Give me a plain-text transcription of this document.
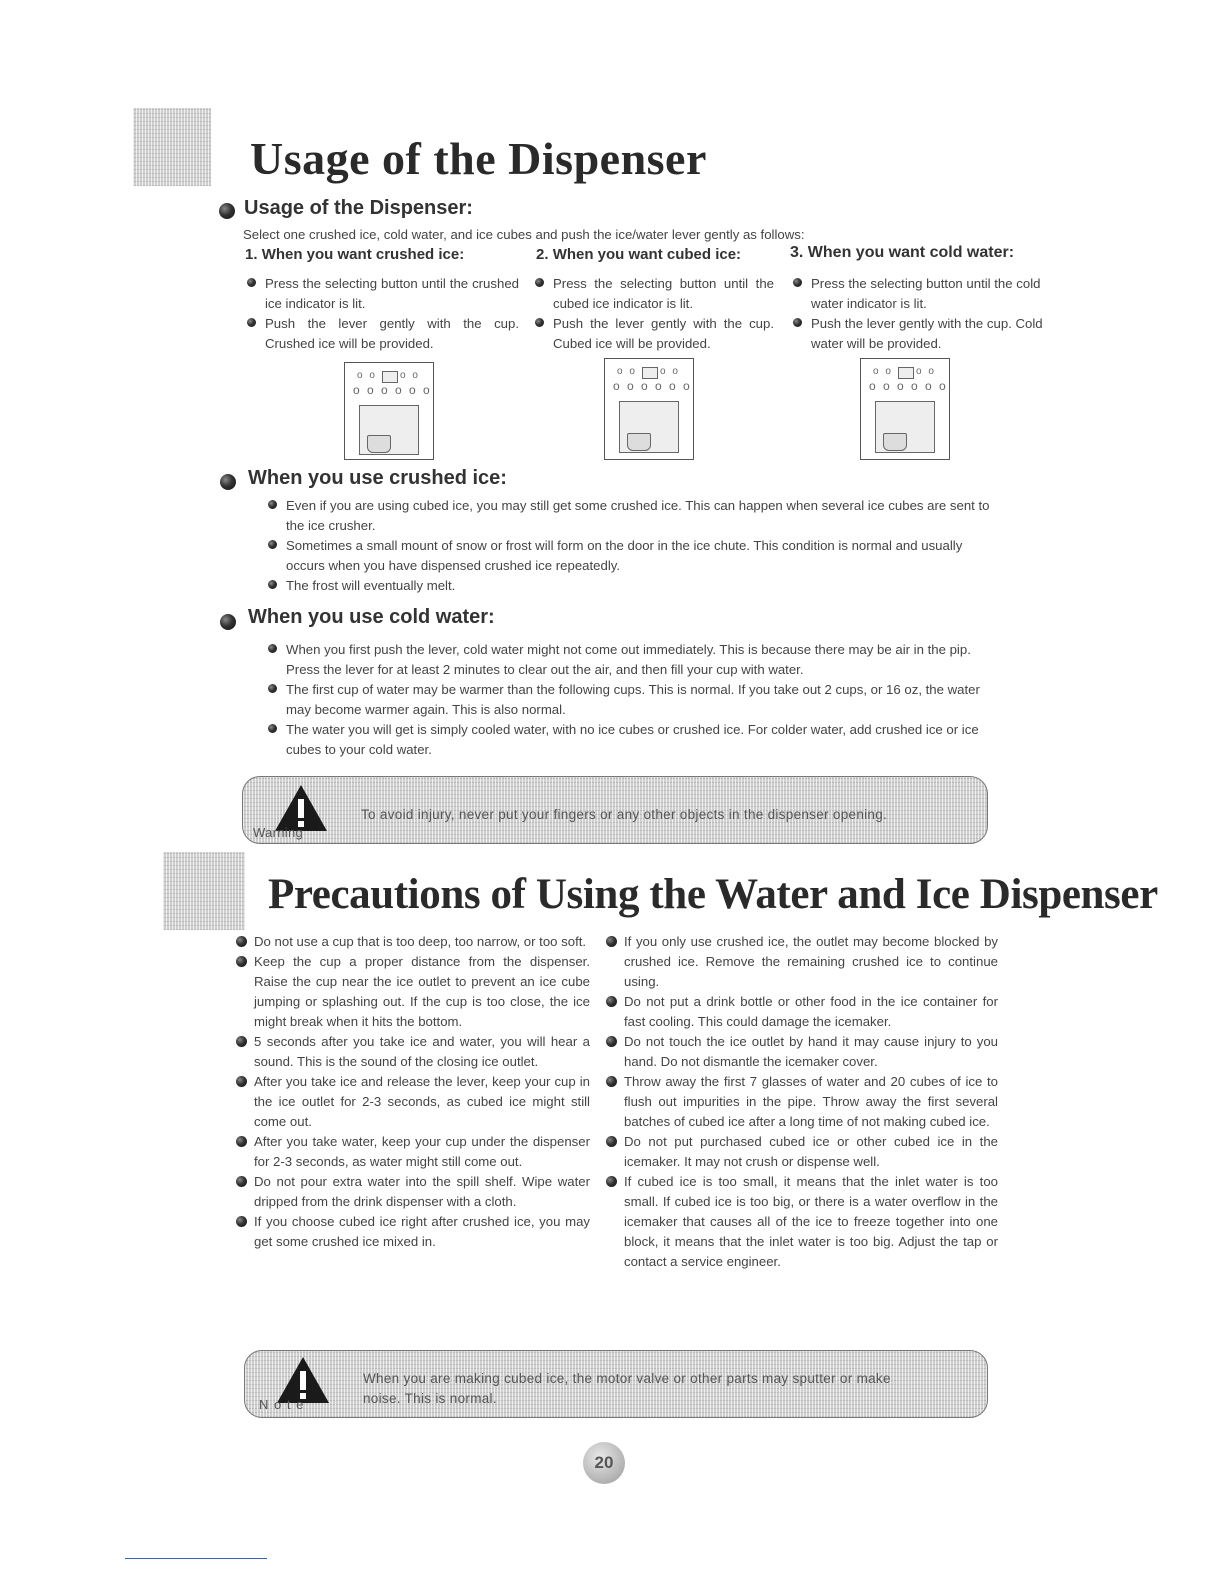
Usage of the Dispenser
Usage of the Dispenser:

Select one crushed ice, cold water, and ice cubes and push the ice/water lever gently as follows:

1. When you want crushed ice:	2. When you want cubed ice:	3. When you want cold water:
Press the selecting button until the crushed ice indicator is lit.
Push the lever gently with the cup. Crushed ice will be provided.
Press the selecting button until the cubed ice indicator is lit.
Push the lever gently with the cup. Cubed ice will be provided.
Press the selecting button until the cold water indicator is lit.
Push the lever gently with the cup. Cold water will be provided.
o o o o
o o o o o o
o o o o
o o o o o o
o o o o
o o o o o o
When you use crushed ice:
Even if you are using cubed ice, you may still get some crushed ice. This can happen when several ice cubes are sent to the ice crusher.
Sometimes a small mount of snow or frost will form on the door in the ice chute. This condition is normal and usually occurs when you have dispensed crushed ice repeatedly.
The frost will eventually melt.
When you use cold water:
When you first push the lever, cold water might not come out immediately. This is because there may be air in the pip. Press the lever for at least 2 minutes to clear out the air, and then fill your cup with water.
The first cup of water may be warmer than the following cups. This is normal. If you take out 2 cups, or 16 oz, the water may become warmer again. This is also normal.
The water you will get is simply cooled water, with no ice cubes or crushed ice. For colder water, add crushed ice or ice cubes to your cold water.
Warning
To avoid injury, never put your fingers or any other objects in the dispenser opening.
Precautions of Using the Water and Ice Dispenser
Do not use a cup that is too deep, too narrow, or too soft.
Keep the cup a proper distance from the dispenser. Raise the cup near the ice outlet to prevent an ice cube jumping or splashing out. If the cup is too close, the ice might break when it hits the bottom.
5 seconds after you take ice and water, you will hear a sound. This is the sound of the closing ice outlet.
After you take ice and release the lever, keep your cup in the ice outlet for 2-3 seconds, as cubed ice might still come out.
After you take water, keep your cup under the dispenser for 2-3 seconds, as water might still come out.
Do not pour extra water into the spill shelf. Wipe water dripped from the drink dispenser with a cloth.
If you choose cubed ice right after crushed ice, you may get some crushed ice mixed in.
If you only use crushed ice, the outlet may become blocked by crushed ice. Remove the remaining crushed ice to continue using.
Do not put a drink bottle or other food in the ice container for fast cooling. This could damage the icemaker.
Do not touch the ice outlet by hand it may cause injury to you hand. Do not dismantle the icemaker cover.
Throw away the first 7 glasses of water and 20 cubes of ice to flush out impurities in the pipe. Throw away the first several batches of cubed ice after a long time of not making cubed ice.
Do not put purchased cubed ice or other cubed ice in the icemaker. It may not crush or dispense well.
If cubed ice is too small, it means that the inlet water is too small. If cubed ice is too big, or there is a water overflow in the icemaker that causes all of the ice to freeze together into one block, it means that the inlet water is too big. Adjust the tap or contact a service engineer.
N o t e
When you are making cubed ice, the motor valve or other parts may sputter or make
noise. This is normal.
20
